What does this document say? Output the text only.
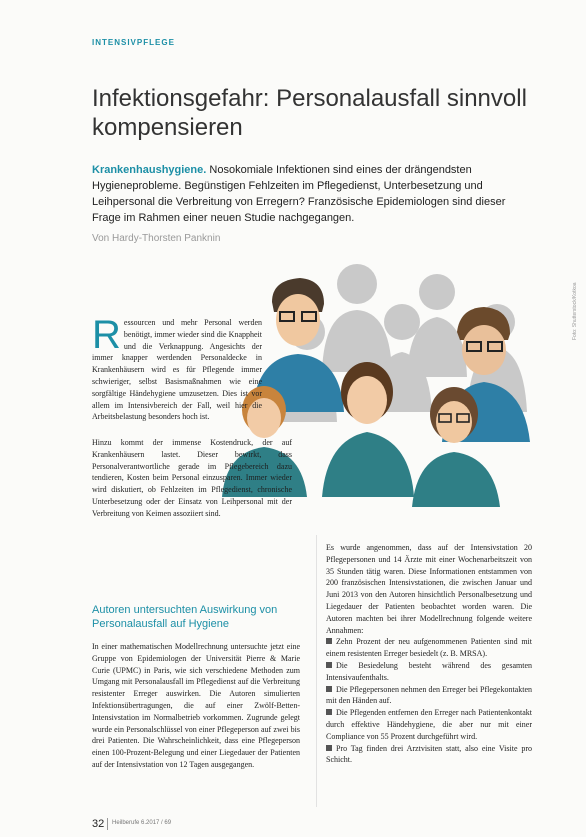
INTENSIVPFLEGE
Infektionsgefahr: Personalausfall sinnvoll kompensieren
Krankenhaushygiene. Nosokomiale Infektionen sind eines der drängendsten Hygieneprobleme. Begünstigen Fehlzeiten im Pflegedienst, Unterbesetzung und Leihpersonal die Verbreitung von Erregern? Französische Epidemiologen sind dieser Frage im Rahmen einer neuen Studie nachgegangen.
Von Hardy-Thorsten Panknin
Foto: Shutterstock/Kotkoa
Ressourcen und mehr Personal werden benötigt, immer wieder sind die Knappheit und die Verknappung. Angesichts der immer knapper werdenden Personaldecke in Krankenhäusern wird es für Pflegende immer schwieriger, selbst Basismaßnahmen wie eine sorgfältige Händehygiene umzusetzen. Dies ist vor allem im Intensivbereich der Fall, weil hier die Arbeitsbelastung besonders hoch ist.
Hinzu kommt der immense Kostendruck, der auf Krankenhäusern lastet. Dieser bewirkt, dass Personalverantwortliche gerade im Pflegebereich dazu tendieren, Kosten beim Personal einzusparen. Immer wieder wird diskutiert, ob Fehlzeiten im Pflegedienst, chronische Unterbesetzung oder der Einsatz von Leihpersonal mit der Verbreitung von Keimen assoziiert sind.
Autoren untersuchten Auswirkung von Personalausfall auf Hygiene
In einer mathematischen Modellrechnung untersuchte jetzt eine Gruppe von Epidemiologen der Universität Pierre & Marie Curie (UPMC) in Paris, wie sich verschiedene Methoden zum Umgang mit Personalausfall im Pflegedienst auf die Verbreitung resistenter Erreger auswirken. Die Autoren simulierten Infektionsübertragungen, die auf einer Zwölf-Betten-Intensivstation im Normalbetrieb vorkommen. Zugrunde gelegt wurde ein Personalschlüssel von einer Pflegeperson auf zwei bis drei Patienten. Die Wahrscheinlichkeit, dass eine Pflegeperson einen 100-Prozent-Belegung und einer Liegedauer der Patienten auf der Intensivstation von 12 Tagen ausgegangen.
Es wurde angenommen, dass auf der Intensivstation 20 Pflegepersonen und 14 Ärzte mit einer Wochenarbeitszeit von 35 Stunden tätig waren. Diese Informationen entstammen von 200 französischen Intensivstationen, die zwischen Januar und Juni 2013 von den Autoren hinsichtlich Personalbesetzung und Liegedauer der Patienten beobachtet worden waren. Die Autoren machten bei ihrer Modellrechnung folgende weitere Annahmen:
Zehn Prozent der neu aufgenommenen Patienten sind mit einem resistenten Erreger besiedelt (z. B. MRSA).
Die Besiedelung besteht während des gesamten Intensivaufenthalts.
Die Pflegepersonen nehmen den Erreger bei Pflegekontakten mit den Händen auf.
Die Pflegenden entfernen den Erreger nach Patientenkontakt durch effektive Händehygiene, die aber nur mit einer Compliance von 55 Prozent durchgeführt wird.
Pro Tag finden drei Arztvisiten statt, also eine Visite pro Schicht.
32 Heilberufe 6.2017 / 69
